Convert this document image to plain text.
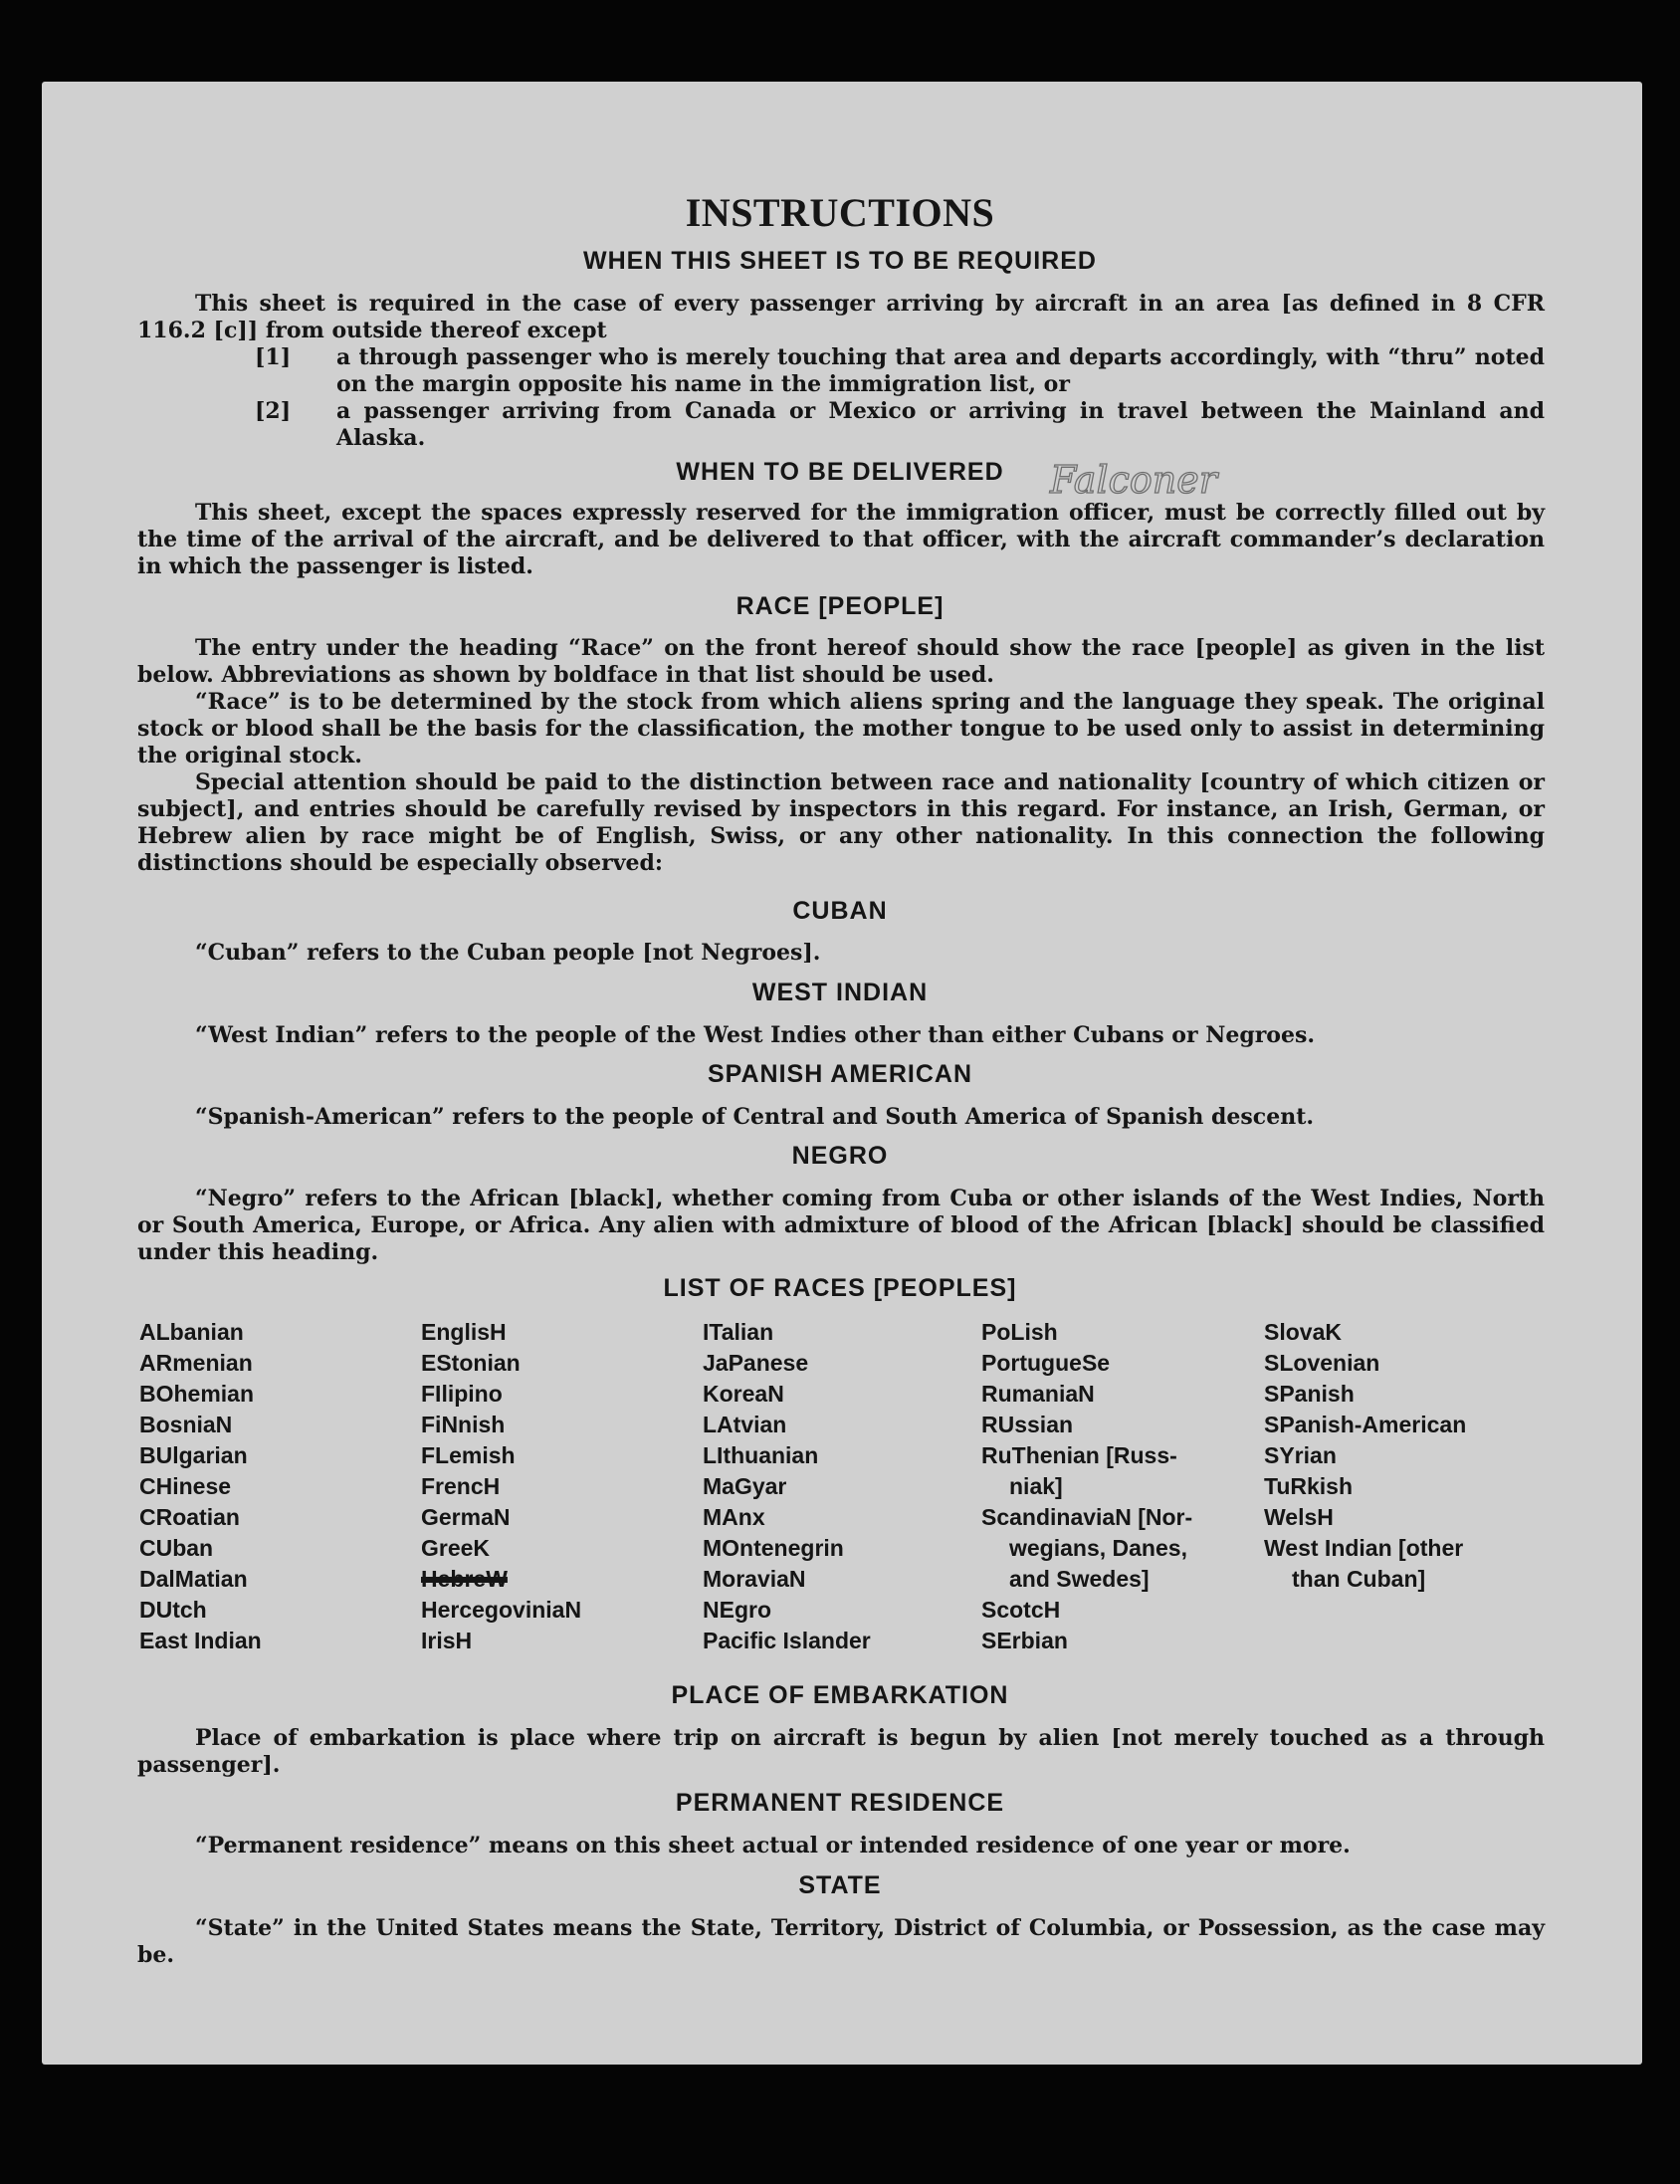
INSTRUCTIONS
WHEN THIS SHEET IS TO BE REQUIRED

This sheet is required in the case of every passenger arriving by aircraft in an area [as defined in 8 CFR 116.2 [c]] from outside thereof except

[1] a through passenger who is merely touching that area and departs accordingly, with “thru” noted on the margin opposite his name in the immigration list, or
[2] a passenger arriving from Canada or Mexico or arriving in travel between the Mainland and Alaska.
WHEN TO BE DELIVERED	Falconer

This sheet, except the spaces expressly reserved for the immigration officer, must be correctly filled out by the time of the arrival of the aircraft, and be delivered to that officer, with the aircraft commander’s declaration in which the passenger is listed.

RACE [PEOPLE]

The entry under the heading “Race” on the front hereof should show the race [people] as given in the list below. Abbreviations as shown by boldface in that list should be used.

“Race” is to be determined by the stock from which aliens spring and the language they speak. The original stock or blood shall be the basis for the classification, the mother tongue to be used only to assist in determining the original stock.

Special attention should be paid to the distinction between race and nationality [country of which citizen or subject], and entries should be carefully revised by inspectors in this regard. For instance, an Irish, German, or Hebrew alien by race might be of English, Swiss, or any other nationality. In this connection the following distinctions should be especially observed:

CUBAN

“Cuban” refers to the Cuban people [not Negroes].

WEST INDIAN

“West Indian” refers to the people of the West Indies other than either Cubans or Negroes.

SPANISH AMERICAN

“Spanish-American” refers to the people of Central and South America of Spanish descent.

NEGRO

“Negro” refers to the African [black], whether coming from Cuba or other islands of the West Indies, North or South America, Europe, or Africa. Any alien with admixture of blood of the African [black] should be classified under this heading.

LIST OF RACES [PEOPLES]
ALbanian
ARmenian
BOhemian
BosniaN
BUlgarian
CHinese
CRoatian
CUban
DalMatian
DUtch
East Indian
EnglisH
EStonian
FIlipino
FiNnish
FLemish
FrencH
GermaN
GreeK
HebreW
HercegoviniaN
IrisH
ITalian
JaPanese
KoreaN
LAtvian
LIthuanian
MaGyar
MAnx
MOntenegrin
MoraviaN
NEgro
Pacific Islander
PoLish
PortugueSe
RumaniaN
RUssian
RuThenian [Russ-
niak]
ScandinaviaN [Nor-
wegians, Danes,
and Swedes]
ScotcH
SErbian
SlovaK
SLovenian
SPanish
SPanish-American
SYrian
TuRkish
WelsH
West Indian [other
than Cuban]
PLACE OF EMBARKATION

Place of embarkation is place where trip on aircraft is begun by alien [not merely touched as a through passenger].

PERMANENT RESIDENCE

“Permanent residence” means on this sheet actual or intended residence of one year or more.

STATE

“State” in the United States means the State, Territory, District of Columbia, or Possession, as the case may be.
